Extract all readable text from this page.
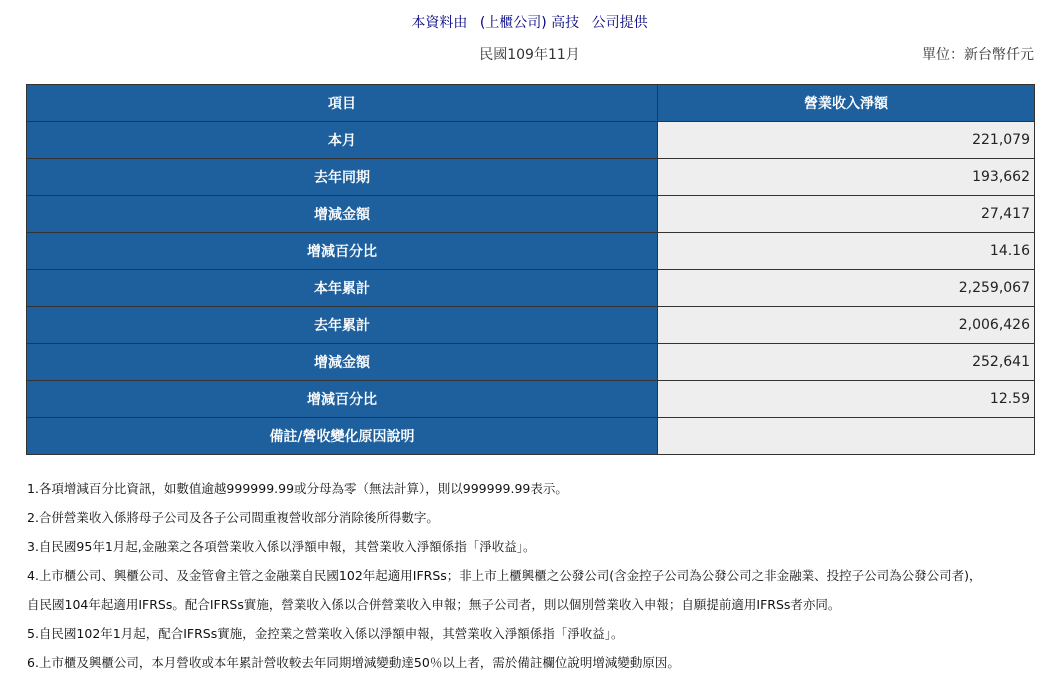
本資料由 (上櫃公司) 高技 公司提供
民國109年11月	單位：新台幣仟元
項目	營業收入淨額
本月	221,079
去年同期	193,662
增減金額	27,417
增減百分比	14.16
本年累計	2,259,067
去年累計	2,006,426
增減金額	252,641
增減百分比	12.59
備註/營收變化原因說明	
1.各項增減百分比資訊，如數值逾越999999.99或分母為零（無法計算），則以999999.99表示。
2.合併營業收入係將母子公司及各子公司間重複營收部分消除後所得數字。
3.自民國95年1月起,金融業之各項營業收入係以淨額申報，其營業收入淨額係指「淨收益」。
4.上市櫃公司、興櫃公司、及金管會主管之金融業自民國102年起適用IFRSs；非上市上櫃興櫃之公發公司(含金控子公司為公發公司之非金融業、投控子公司為公發公司者)，
自民國104年起適用IFRSs。配合IFRSs實施，營業收入係以合併營業收入申報；無子公司者，則以個別營業收入申報；自願提前適用IFRSs者亦同。
5.自民國102年1月起，配合IFRSs實施，金控業之營業收入係以淨額申報，其營業收入淨額係指「淨收益」。
6.上市櫃及興櫃公司，本月營收或本年累計營收較去年同期增減變動達50％以上者，需於備註欄位說明增減變動原因。
